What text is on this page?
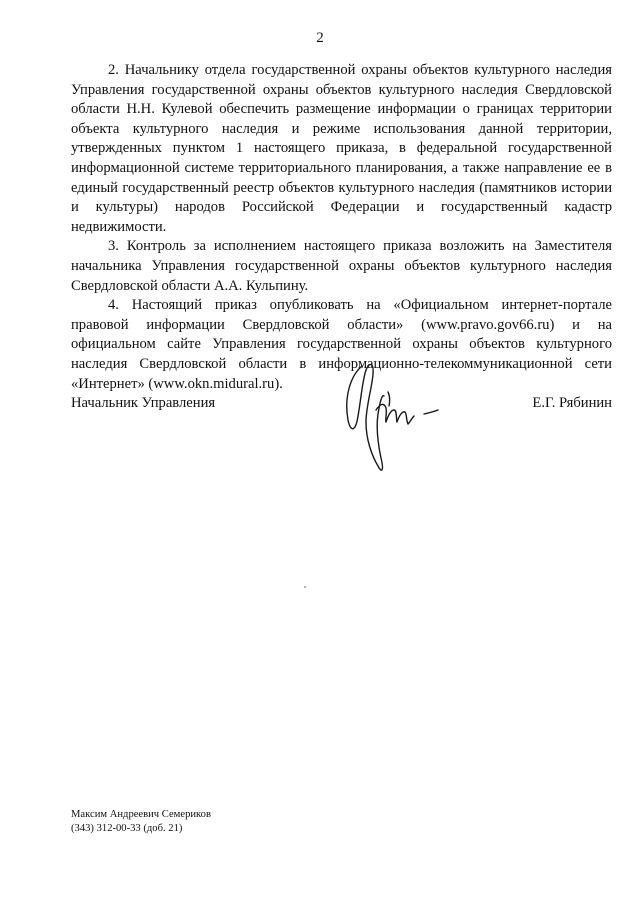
2

2. Начальнику отдела государственной охраны объектов культурного наследия Управления государственной охраны объектов культурного наследия Свердловской области Н.Н. Кулевой обеспечить размещение информации о границах территории объекта культурного наследия и режиме использования данной территории, утвержденных пунктом 1 настоящего приказа, в федеральной государственной информационной системе территориального планирования, а также направление ее в единый государственный реестр объектов культурного наследия (памятников истории и культуры) народов Российской Федерации и государственный кадастр недвижимости.

3. Контроль за исполнением настоящего приказа возложить на Заместителя начальника Управления государственной охраны объектов культурного наследия Свердловской области А.А. Кульпину.

4. Настоящий приказ опубликовать на «Официальном интернет-портале правовой информации Свердловской области» (www.pravo.gov66.ru) и на официальном сайте Управления государственной охраны объектов культурного наследия Свердловской области в информационно-телекоммуникационной сети «Интернет» (www.okn.midural.ru).

Начальник Управления	Е.Г. Рябинин
Максим Андреевич Семериков
(343) 312-00-33 (доб. 21)
